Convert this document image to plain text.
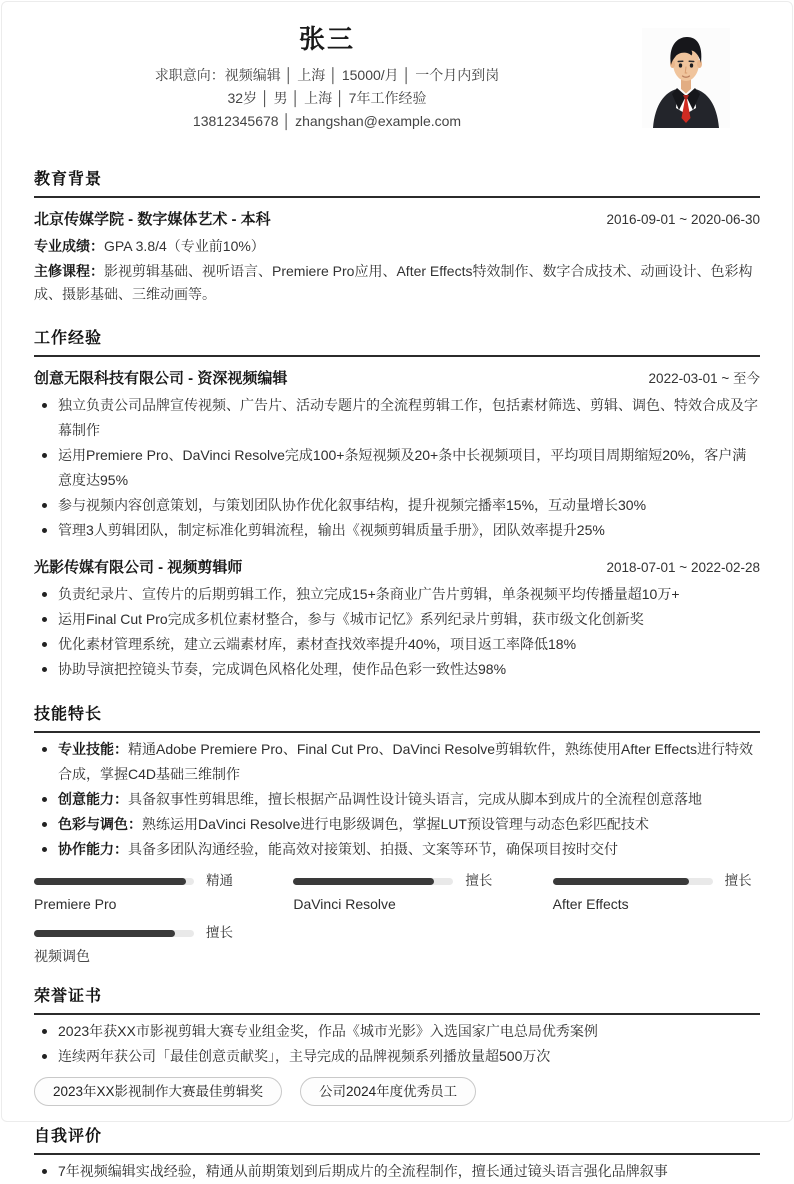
张三
求职意向：视频编辑 │ 上海 │ 15000/月 │ 一个月内到岗
32岁 │ 男 │ 上海 │ 7年工作经验
13812345678 │ zhangshan@example.com
教育背景
北京传媒学院 - 数字媒体艺术 - 本科	2016-09-01 ~ 2020-06-30
专业成绩：GPA 3.8/4（专业前10%）
主修课程：影视剪辑基础、视听语言、Premiere Pro应用、After Effects特效制作、数字合成技术、动画设计、色彩构成、摄影基础、三维动画等。
工作经验
创意无限科技有限公司 - 资深视频编辑	2022-03-01 ~ 至今
独立负责公司品牌宣传视频、广告片、活动专题片的全流程剪辑工作，包括素材筛选、剪辑、调色、特效合成及字幕制作
运用Premiere Pro、DaVinci Resolve完成100+条短视频及20+条中长视频项目，平均项目周期缩短20%，客户满意度达95%
参与视频内容创意策划，与策划团队协作优化叙事结构，提升视频完播率15%，互动量增长30%
管理3人剪辑团队，制定标准化剪辑流程，输出《视频剪辑质量手册》，团队效率提升25%
光影传媒有限公司 - 视频剪辑师	2018-07-01 ~ 2022-02-28
负责纪录片、宣传片的后期剪辑工作，独立完成15+条商业广告片剪辑，单条视频平均传播量超10万+
运用Final Cut Pro完成多机位素材整合，参与《城市记忆》系列纪录片剪辑，获市级文化创新奖
优化素材管理系统，建立云端素材库，素材查找效率提升40%，项目返工率降低18%
协助导演把控镜头节奏，完成调色风格化处理，使作品色彩一致性达98%
技能特长
专业技能：精通Adobe Premiere Pro、Final Cut Pro、DaVinci Resolve剪辑软件，熟练使用After Effects进行特效合成，掌握C4D基础三维制作
创意能力：具备叙事性剪辑思维，擅长根据产品调性设计镜头语言，完成从脚本到成片的全流程创意落地
色彩与调色：熟练运用DaVinci Resolve进行电影级调色，掌握LUT预设管理与动态色彩匹配技术
协作能力：具备多团队沟通经验，能高效对接策划、拍摄、文案等环节，确保项目按时交付
精通
Premiere Pro
擅长
DaVinci Resolve
擅长
After Effects
擅长
视频调色
荣誉证书
2023年获XX市影视剪辑大赛专业组金奖，作品《城市光影》入选国家广电总局优秀案例
连续两年获公司「最佳创意贡献奖」，主导完成的品牌视频系列播放量超500万次
2023年XX影视制作大赛最佳剪辑奖	公司2024年度优秀员工
自我评价
7年视频编辑实战经验，精通从前期策划到后期成片的全流程制作，擅长通过镜头语言强化品牌叙事
